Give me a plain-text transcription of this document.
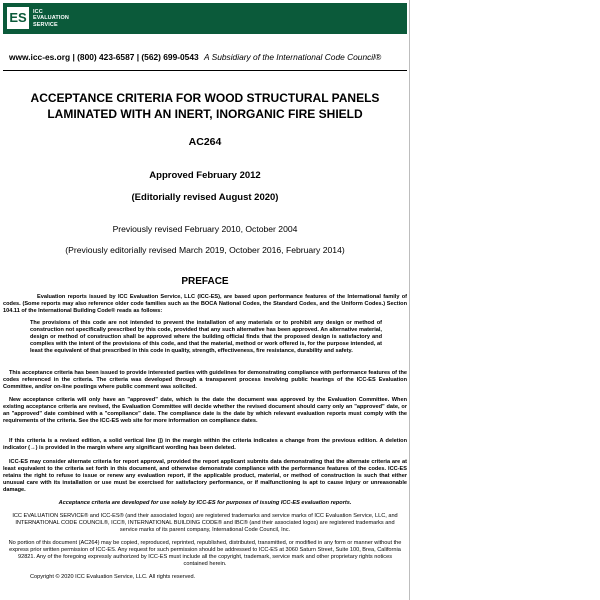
ES	ICC
EVALUATION
SERVICE
www.icc-es.org | (800) 423-6587 | (562) 699-0543 A Subsidiary of the International Code Council®
ACCEPTANCE CRITERIA FOR WOOD STRUCTURAL PANELS
LAMINATED WITH AN INERT, INORGANIC FIRE SHIELD
AC264
Approved February 2012
(Editorially revised August 2020)
Previously revised February 2010, October 2004
(Previously editorially revised March 2019, October 2016, February 2014)
PREFACE
Evaluation reports issued by ICC Evaluation Service, LLC (ICC-ES), are based upon performance features of the International family of codes. (Some reports may also reference older code families such as the BOCA National Codes, the Standard Codes, and the Uniform Codes.) Section 104.11 of the International Building Code® reads as follows:
The provisions of this code are not intended to prevent the installation of any materials or to prohibit any design or method of construction not specifically prescribed by this code, provided that any such alternative has been approved. An alternative material, design or method of construction shall be approved where the building official finds that the proposed design is satisfactory and complies with the intent of the provisions of this code, and that the material, method or work offered is, for the purpose intended, at least the equivalent of that prescribed in this code in quality, strength, effectiveness, fire resistance, durability and safety.
This acceptance criteria has been issued to provide interested parties with guidelines for demonstrating compliance with performance features of the codes referenced in the criteria. The criteria was developed through a transparent process involving public hearings of the ICC-ES Evaluation Committee, and/or on-line postings where public comment was solicited.
New acceptance criteria will only have an "approved" date, which is the date the document was approved by the Evaluation Committee. When existing acceptance criteria are revised, the Evaluation Committee will decide whether the revised document should carry only an "approved" date, or an "approved" date combined with a "compliance" date. The compliance date is the date by which relevant evaluation reports must comply with the requirements of the criteria. See the ICC-ES web site for more information on compliance dates.
If this criteria is a revised edition, a solid vertical line (|) in the margin within the criteria indicates a change from the previous edition. A deletion indicator (→) is provided in the margin where any significant wording has been deleted.
ICC-ES may consider alternate criteria for report approval, provided the report applicant submits data demonstrating that the alternate criteria are at least equivalent to the criteria set forth in this document, and otherwise demonstrate compliance with the performance features of the codes. ICC-ES retains the right to refuse to issue or renew any evaluation report, if the applicable product, material, or method of construction is such that either unusual care with its installation or use must be exercised for satisfactory performance, or if malfunctioning is apt to cause injury or unreasonable damage.
Acceptance criteria are developed for use solely by ICC-ES for purposes of issuing ICC-ES evaluation reports.
ICC EVALUATION SERVICE® and ICC-ES® (and their associated logos) are registered trademarks and service marks of ICC Evaluation Service, LLC, and INTERNATIONAL CODE COUNCIL®, ICC®, INTERNATIONAL BUILDING CODE® and IBC® (and their associated logos) are registered trademarks and service marks of its parent company, International Code Council, Inc.
No portion of this document (AC264) may be copied, reproduced, reprinted, republished, distributed, transmitted, or modified in any form or manner without the express prior written permission of ICC-ES. Any request for such permission should be addressed to ICC-ES at 3060 Saturn Street, Suite 100, Brea, California 92821. Any of the foregoing expressly authorized by ICC-ES must include all the copyright, trademark, service mark and other proprietary rights notices contained herein.
Copyright © 2020 ICC Evaluation Service, LLC. All rights reserved.
